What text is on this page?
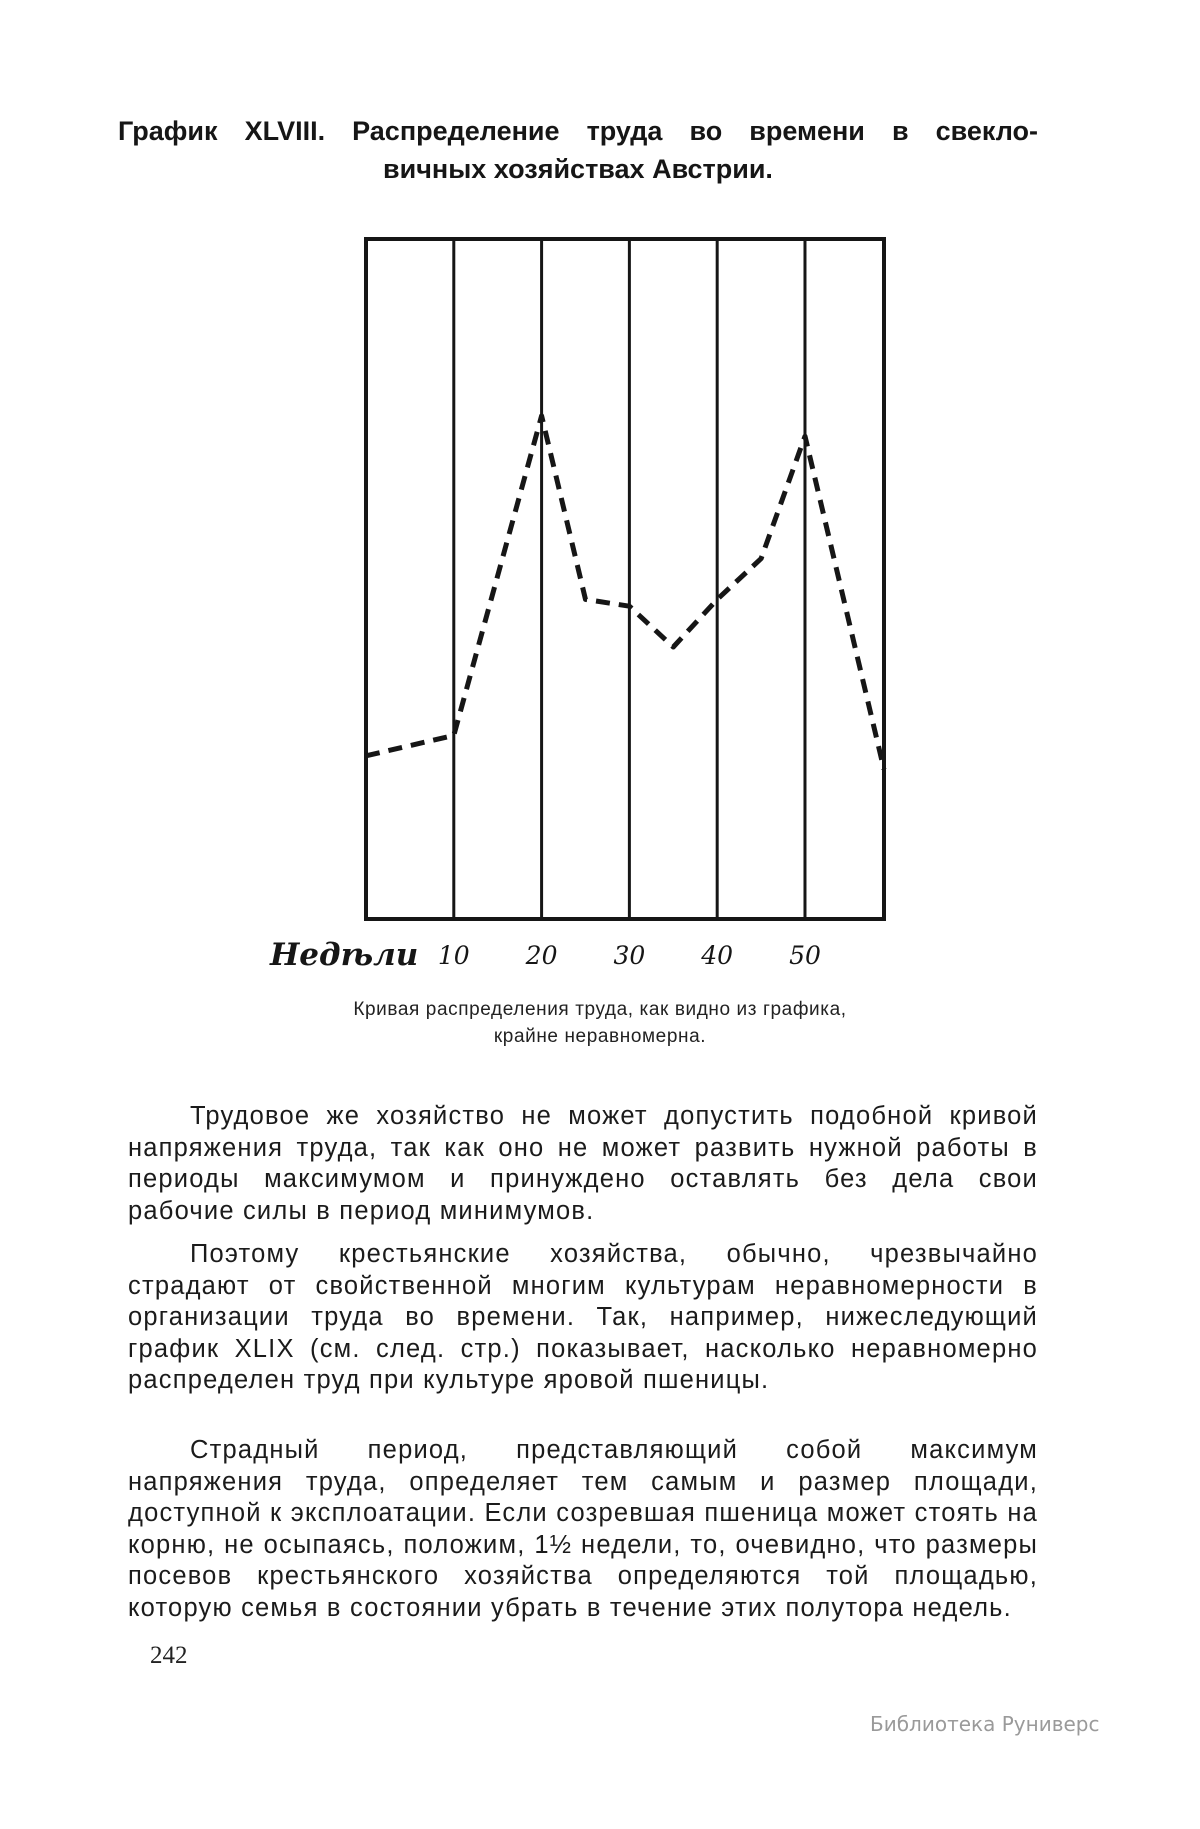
График XLVIII. Распределение труда во времени в свекло-
вичных хозяйствах Австрии.
Недѣли 10 20 30 40 50
Кривая распределения труда, как видно из графика,
крайне неравномерна.

Трудовое же хозяйство не может допустить подобной кривой напряжения труда, так как оно не может развить нужной работы в периоды максимумом и принуждено оставлять без дела свои рабочие силы в период минимумов.

Поэтому крестьянские хозяйства, обычно, чрезвычайно страдают от свойственной многим культурам неравномерности в организации труда во времени. Так, например, нижеследующий график XLIX (см. след. стр.) показывает, насколько неравномерно распределен труд при культуре яровой пшеницы.

Страдный период, представляющий собой максимум напряжения труда, определяет тем самым и размер площади, доступной к эксплоатации. Если созревшая пшеница может стоять на корню, не осыпаясь, положим, 1½ недели, то, очевидно, что размеры посевов крестьянского хозяйства определяются той площадью, которую семья в состоянии убрать в течение этих полутора недель.

242
Библиотека Руниверс
